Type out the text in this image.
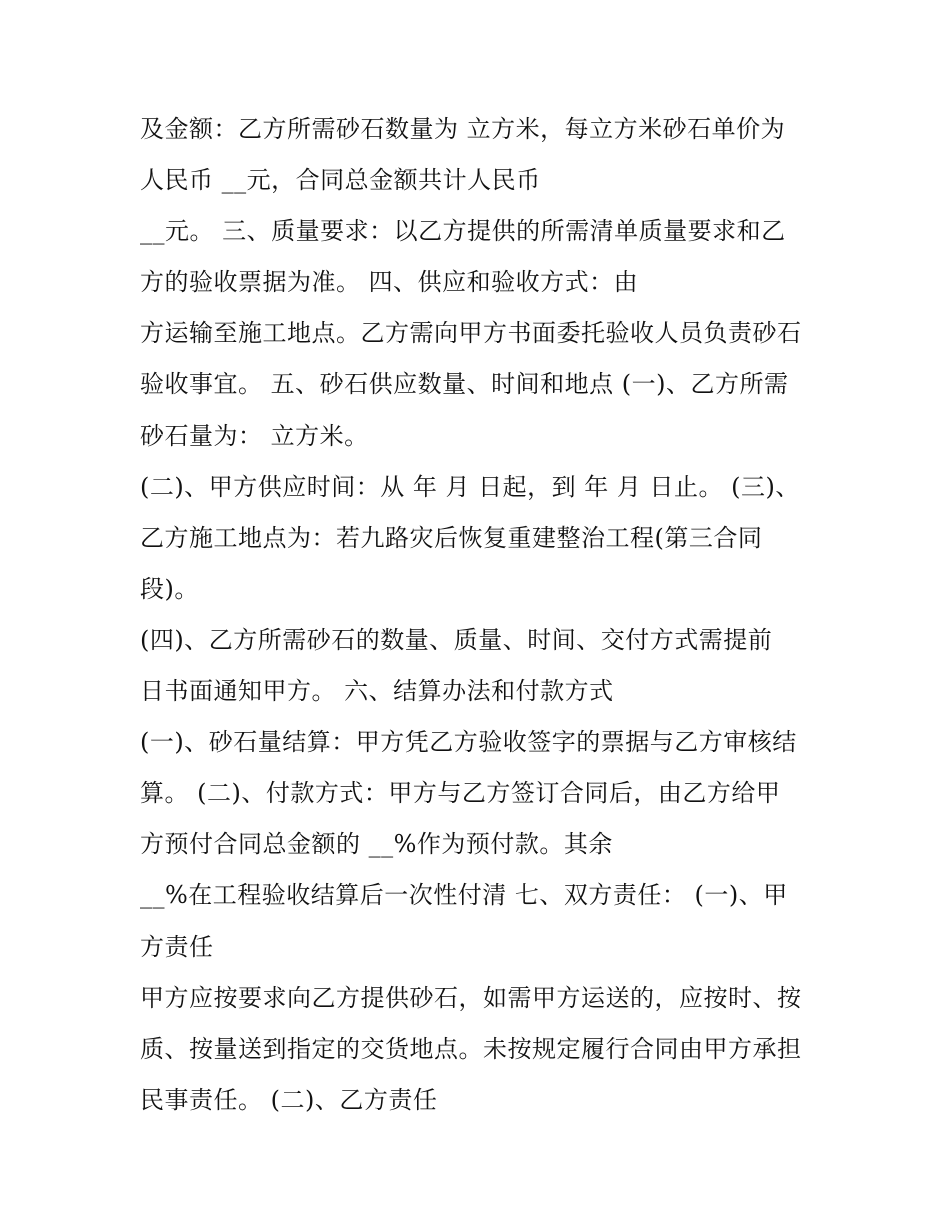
及金额：乙方所需砂石数量为 立方米，每立方米砂石单价为
人民币 __元，合同总金额共计人民币
__元。 三、质量要求：以乙方提供的所需清单质量要求和乙
方的验收票据为准。 四、供应和验收方式：由
方运输至施工地点。乙方需向甲方书面委托验收人员负责砂石
验收事宜。 五、砂石供应数量、时间和地点 (一)、乙方所需
砂石量为： 立方米。
(二)、甲方供应时间：从 年 月 日起，到 年 月 日止。 (三)、
乙方施工地点为：若九路灾后恢复重建整治工程(第三合同
段)。
(四)、乙方所需砂石的数量、质量、时间、交付方式需提前
日书面通知甲方。 六、结算办法和付款方式
(一)、砂石量结算：甲方凭乙方验收签字的票据与乙方审核结
算。 (二)、付款方式：甲方与乙方签订合同后，由乙方给甲
方预付合同总金额的 __%作为预付款。其余
__%在工程验收结算后一次性付清 七、双方责任： (一)、甲
方责任
甲方应按要求向乙方提供砂石，如需甲方运送的，应按时、按
质、按量送到指定的交货地点。未按规定履行合同由甲方承担
民事责任。 (二)、乙方责任
